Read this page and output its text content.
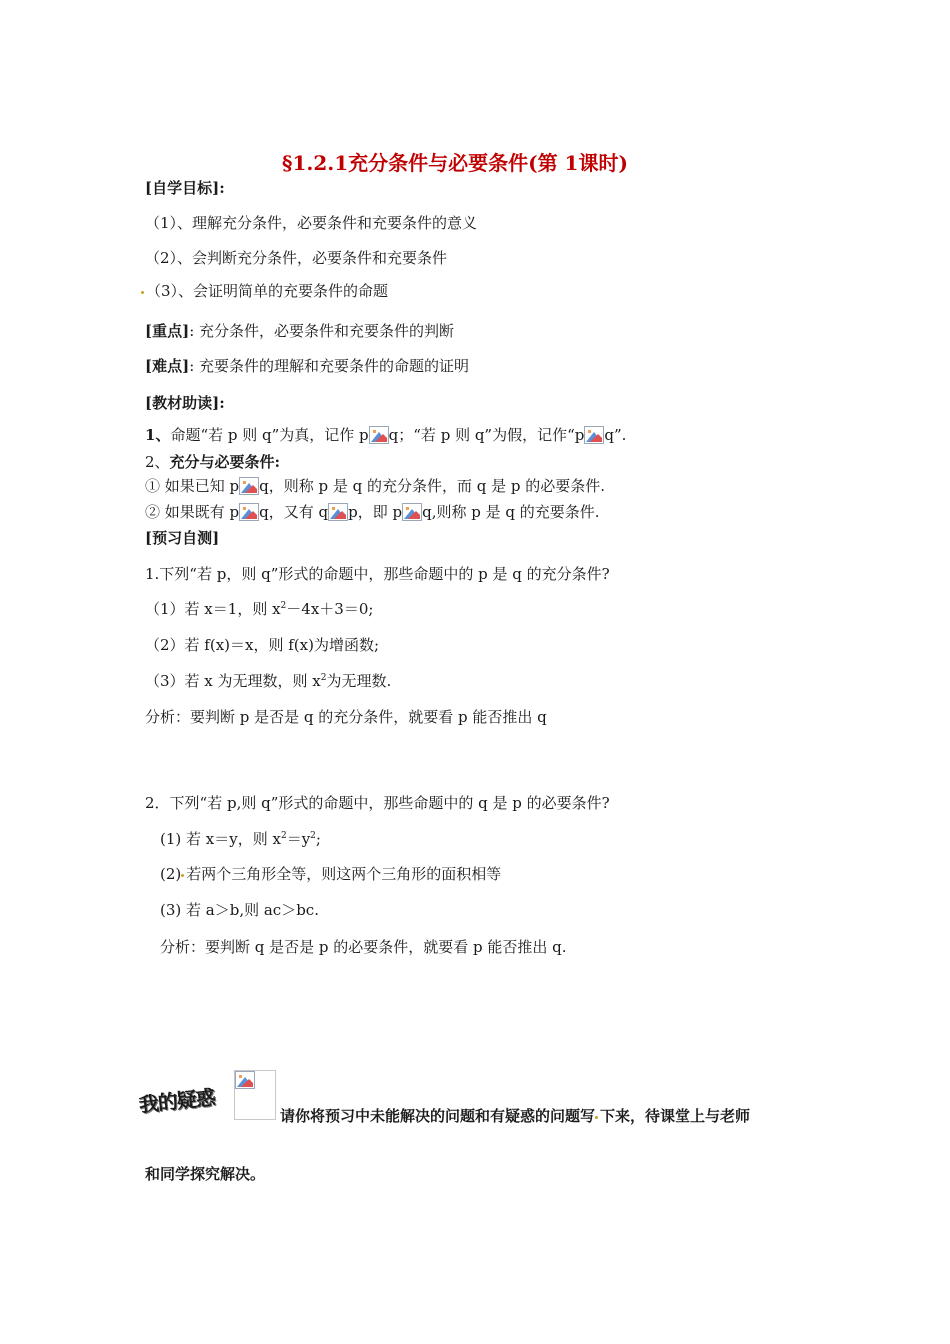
§1.2.1充分条件与必要条件(第 1课时)
[自学目标]:
（1）、理解充分条件，必要条件和充要条件的意义
（2）、会判断充分条件，必要条件和充要条件
（3）、会证明简单的充要条件的命题
[重点]: 充分条件，必要条件和充要条件的判断
[难点]: 充要条件的理解和充要条件的命题的证明
[教材助读]:
1、命题“若 p 则 q”为真，记作 p q；“若 p 则 q”为假，记作“p q”.
2、充分与必要条件:
① 如果已知 p q，则称 p 是 q 的充分条件，而 q 是 p 的必要条件.
② 如果既有 p q，又有 q p，即 p q,则称 p 是 q 的充要条件.
[预习自测]
1.下列“若 p，则 q”形式的命题中，那些命题中的 p 是 q 的充分条件?
（1）若 x＝1，则 $x^2-4x+3=0$;
（2）若 f(x)＝x，则 f(x)为增函数;
（3）若 x 为无理数，则 $x^2$为无理数.
分析：要判断 p 是否是 q 的充分条件，就要看 p 能否推出 q
2．下列“若 p,则 q”形式的命题中，那些命题中的 q 是 p 的必要条件?
(1) 若 x＝y，则 $x^2=y^2$;
(2) 若两个三角形全等，则这两个三角形的面积相等
(3) 若 a＞b,则 ac＞bc.
分析：要判断 q 是否是 p 的必要条件，就要看 p 能否推出 q.
我的疑惑	请你将预习中未能解决的问题和有疑惑的问题写 下来，待课堂上与老师
和同学探究解决。
